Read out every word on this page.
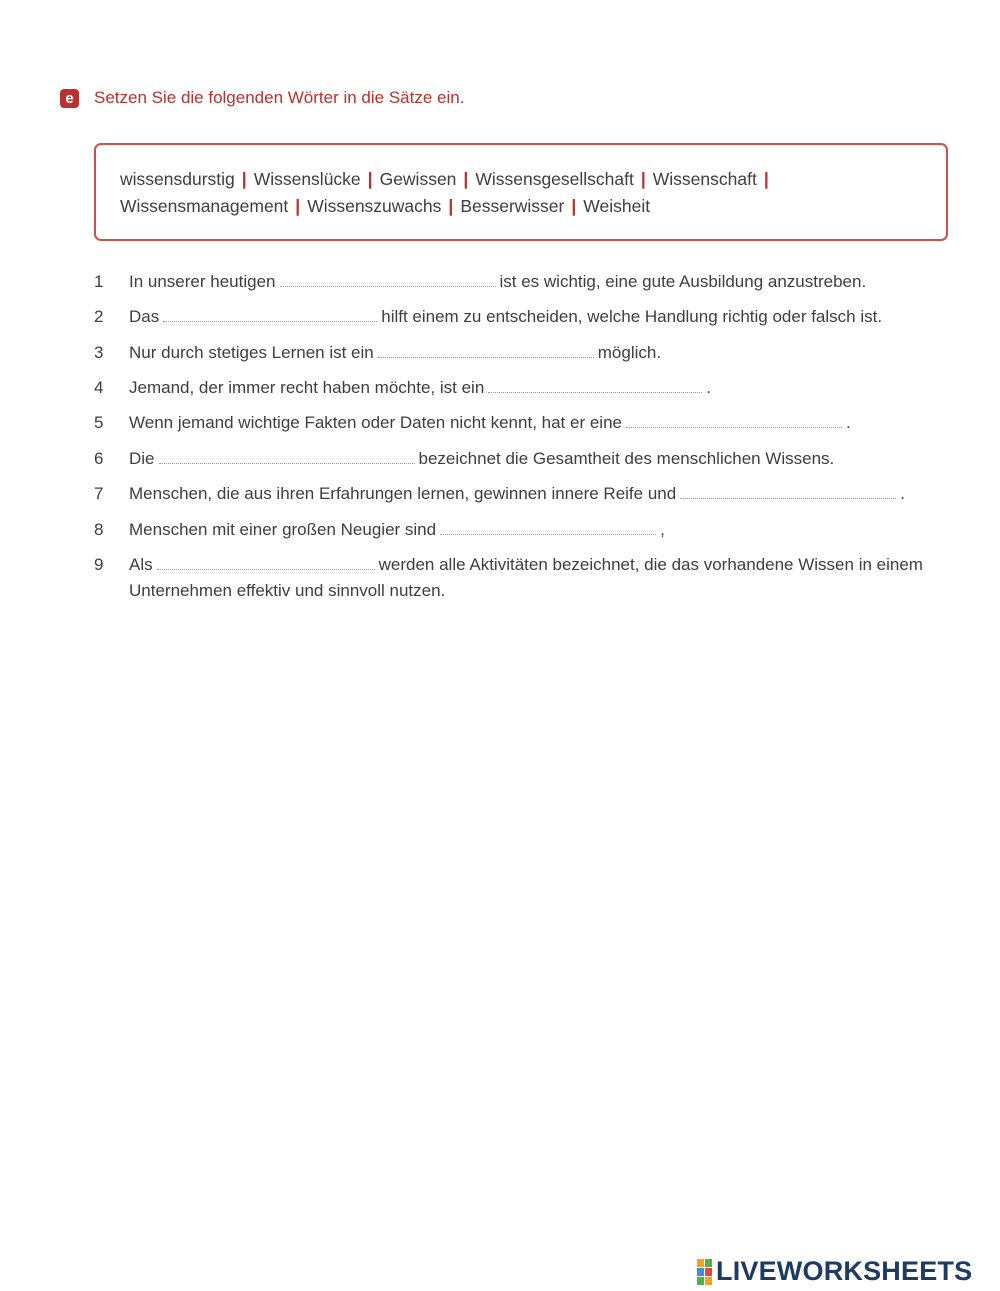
e	Setzen Sie die folgenden Wörter in die Sätze ein.
wissensdurstig | Wissenslücke | Gewissen | Wissensgesellschaft | Wissenschaft |
Wissensmanagement | Wissenszuwachs | Besserwisser | Weisheit
1 In unserer heutigen	ist es wichtig, eine gute Ausbildung anzustreben.
2 Das	hilft einem zu entscheiden, welche Handlung richtig oder falsch ist.
3 Nur durch stetiges Lernen ist ein	möglich.
4 Jemand, der immer recht haben möchte, ist ein	.
5 Wenn jemand wichtige Fakten oder Daten nicht kennt, hat er eine	.
6 Die	bezeichnet die Gesamtheit des menschlichen Wissens.
7 Menschen, die aus ihren Erfahrungen lernen, gewinnen innere Reife und	.
8 Menschen mit einer großen Neugier sind	,
9 Als	werden alle Aktivitäten bezeichnet, die das vorhandene Wissen in einem Unternehmen effektiv und sinnvoll nutzen.
LIVEWORKSHEETS
